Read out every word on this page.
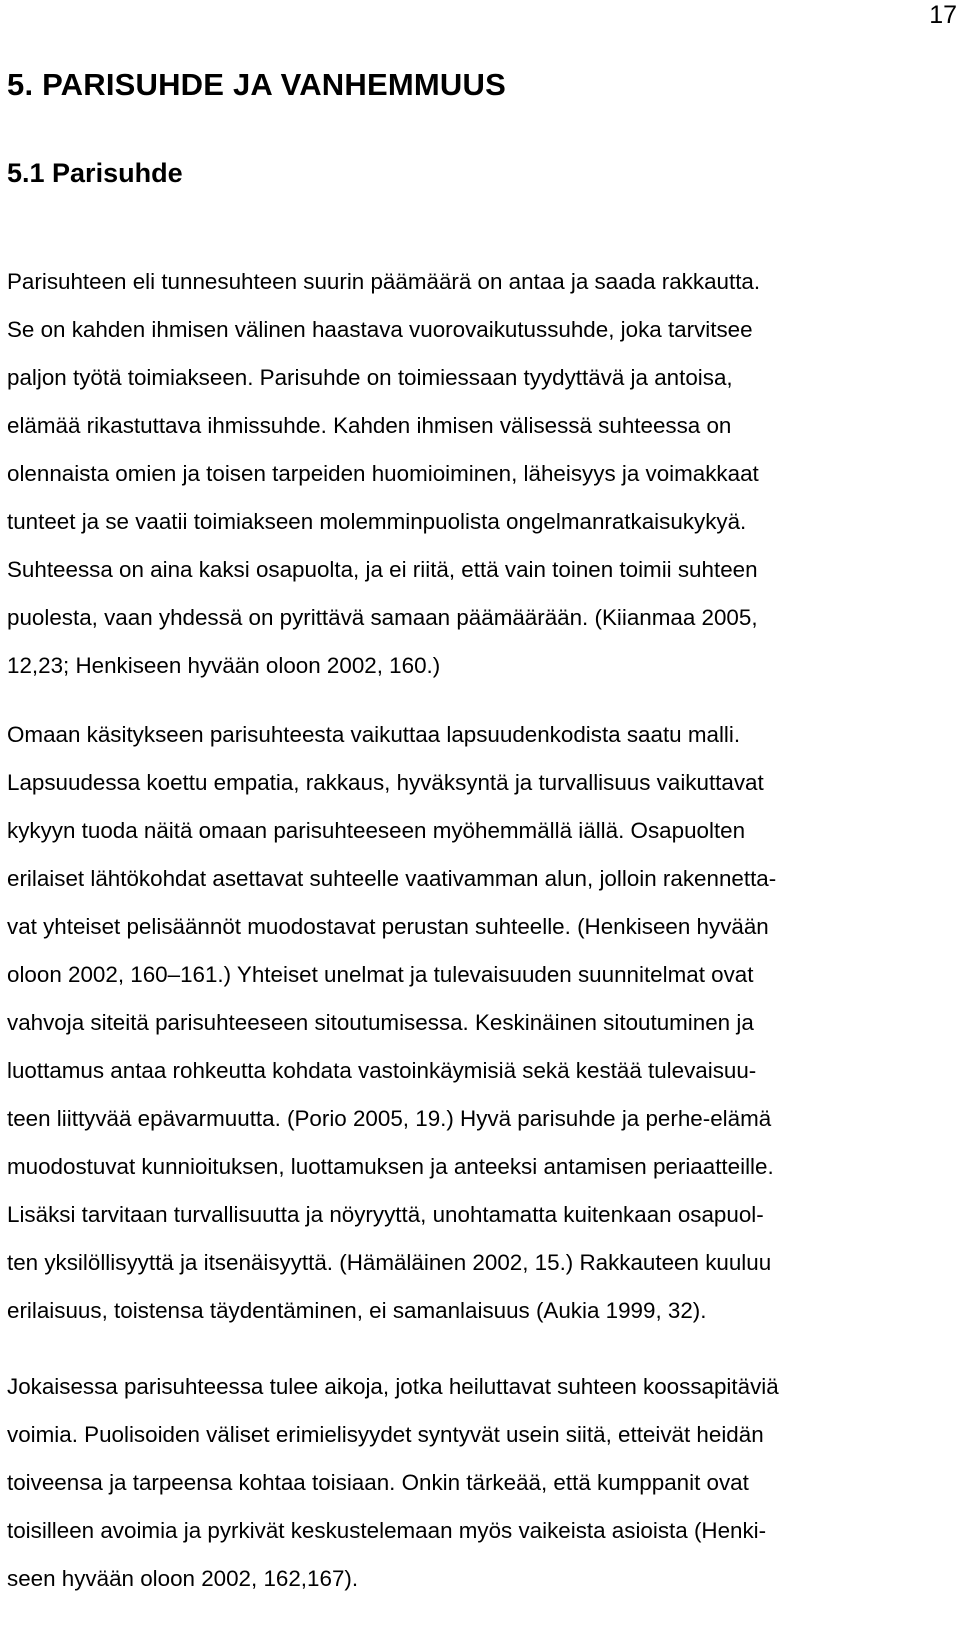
17
5. PARISUHDE JA VANHEMMUUS
5.1 Parisuhde

Parisuhteen eli tunnesuhteen suurin päämäärä on antaa ja saada rakkautta.
Se on kahden ihmisen välinen haastava vuorovaikutussuhde, joka tarvitsee
paljon työtä toimiakseen. Parisuhde on toimiessaan tyydyttävä ja antoisa,
elämää rikastuttava ihmissuhde. Kahden ihmisen välisessä suhteessa on
olennaista omien ja toisen tarpeiden huomioiminen, läheisyys ja voimakkaat
tunteet ja se vaatii toimiakseen molemminpuolista ongelmanratkaisukykyä.
Suhteessa on aina kaksi osapuolta, ja ei riitä, että vain toinen toimii suhteen
puolesta, vaan yhdessä on pyrittävä samaan päämäärään. (Kiianmaa 2005,
12,23; Henkiseen hyvään oloon 2002, 160.)

Omaan käsitykseen parisuhteesta vaikuttaa lapsuudenkodista saatu malli.
Lapsuudessa koettu empatia, rakkaus, hyväksyntä ja turvallisuus vaikuttavat
kykyyn tuoda näitä omaan parisuhteeseen myöhemmällä iällä. Osapuolten
erilaiset lähtökohdat asettavat suhteelle vaativamman alun, jolloin rakennetta-
vat yhteiset pelisäännöt muodostavat perustan suhteelle. (Henkiseen hyvään
oloon 2002, 160–161.) Yhteiset unelmat ja tulevaisuuden suunnitelmat ovat
vahvoja siteitä parisuhteeseen sitoutumisessa. Keskinäinen sitoutuminen ja
luottamus antaa rohkeutta kohdata vastoinkäymisiä sekä kestää tulevaisuu-
teen liittyvää epävarmuutta. (Porio 2005, 19.) Hyvä parisuhde ja perhe-elämä
muodostuvat kunnioituksen, luottamuksen ja anteeksi antamisen periaatteille.
Lisäksi tarvitaan turvallisuutta ja nöyryyttä, unohtamatta kuitenkaan osapuol-
ten yksilöllisyyttä ja itsenäisyyttä. (Hämäläinen 2002, 15.) Rakkauteen kuuluu
erilaisuus, toistensa täydentäminen, ei samanlaisuus (Aukia 1999, 32).

Jokaisessa parisuhteessa tulee aikoja, jotka heiluttavat suhteen koossapitäviä
voimia. Puolisoiden väliset erimielisyydet syntyvät usein siitä, etteivät heidän
toiveensa ja tarpeensa kohtaa toisiaan. Onkin tärkeää, että kumppanit ovat
toisilleen avoimia ja pyrkivät keskustelemaan myös vaikeista asioista (Henki-
seen hyvään oloon 2002, 162,167).
